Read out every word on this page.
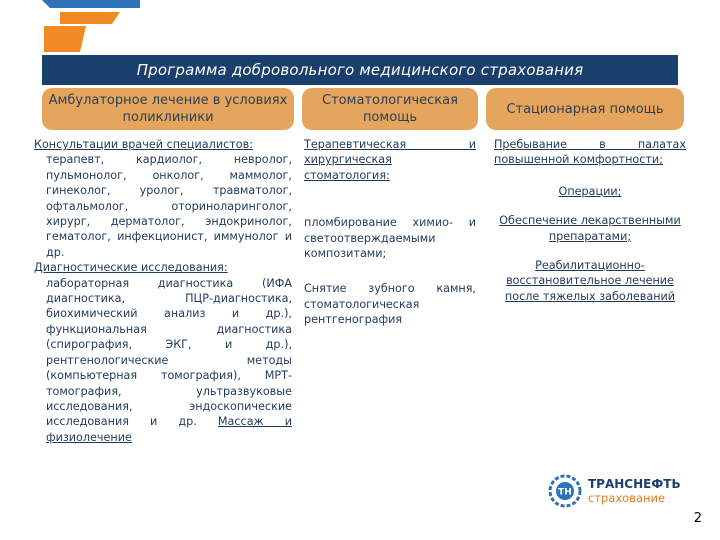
Программа добровольного медицинского страхования
Амбулаторное лечение в условиях поликлиники
Стоматологическая помощь
Стационарная помощь

Консультации врачей специалистов:

терапевт, кардиолог, невролог, пульмонолог, онколог, маммолог, гинеколог, уролог, травматолог, офтальмолог, оториноларинголог, хирург, дерматолог, эндокринолог, гематолог, инфекционист, иммунолог и др.

Диагностические исследования:

лабораторная диагностика (ИФА диагностика, ПЦР-диагностика, биохимический анализ и др.), функциональная диагностика (спирография, ЭКГ, и др.), рентгенологические методы (компьютерная томография), МРТ-томография, ультразвуковые исследования, эндоскопические исследования и др. Массаж и физиолечение

Терапевтическая и хирургическая стоматология:

пломбирование химио- и светоотверждаемыми композитами;

Снятие зубного камня, стоматологическая рентгенография

Пребывание в палатах повышенной комфортности;

Операции;

Обеспечение лекарственными препаратами;

Реабилитационно-восстановительное лечение после тяжелых заболеваний

ТН
ТРАНСНЕФТЬ
страхование
2
